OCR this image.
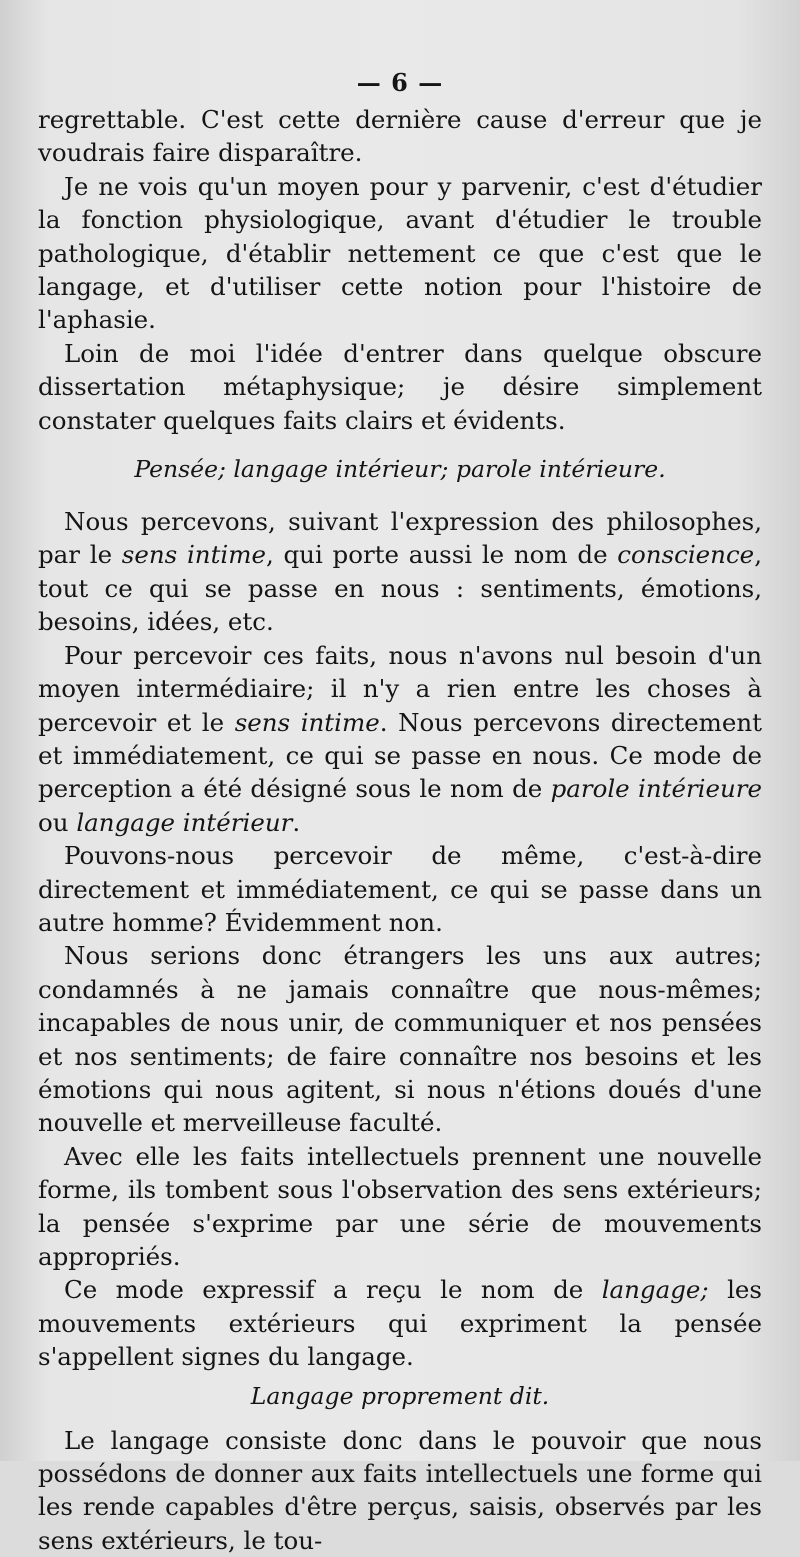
— 6 —

regrettable. C'est cette dernière cause d'erreur que je voudrais faire disparaître.

Je ne vois qu'un moyen pour y parvenir, c'est d'étudier la fonction physiologique, avant d'étudier le trouble pathologique, d'établir nettement ce que c'est que le langage, et d'utiliser cette notion pour l'histoire de l'aphasie.

Loin de moi l'idée d'entrer dans quelque obscure dissertation métaphysique; je désire simplement constater quelques faits clairs et évidents.

Pensée; langage intérieur; parole intérieure.

Nous percevons, suivant l'expression des philosophes, par le sens intime, qui porte aussi le nom de conscience, tout ce qui se passe en nous : sentiments, émotions, besoins, idées, etc.

Pour percevoir ces faits, nous n'avons nul besoin d'un moyen intermédiaire; il n'y a rien entre les choses à percevoir et le sens intime. Nous percevons directement et immédiatement, ce qui se passe en nous. Ce mode de perception a été désigné sous le nom de parole intérieure ou langage intérieur.

Pouvons-nous percevoir de même, c'est-à-dire directement et immédiatement, ce qui se passe dans un autre homme? Évidemment non.

Nous serions donc étrangers les uns aux autres; condamnés à ne jamais connaître que nous-mêmes; incapables de nous unir, de communiquer et nos pensées et nos sentiments; de faire connaître nos besoins et les émotions qui nous agitent, si nous n'étions doués d'une nouvelle et merveilleuse faculté.

Avec elle les faits intellectuels prennent une nouvelle forme, ils tombent sous l'observation des sens extérieurs; la pensée s'exprime par une série de mouvements appropriés.

Ce mode expressif a reçu le nom de langage; les mouvements extérieurs qui expriment la pensée s'appellent signes du langage.

Langage proprement dit.

Le langage consiste donc dans le pouvoir que nous possédons de donner aux faits intellectuels une forme qui les rende capables d'être perçus, saisis, observés par les sens extérieurs, le tou-
